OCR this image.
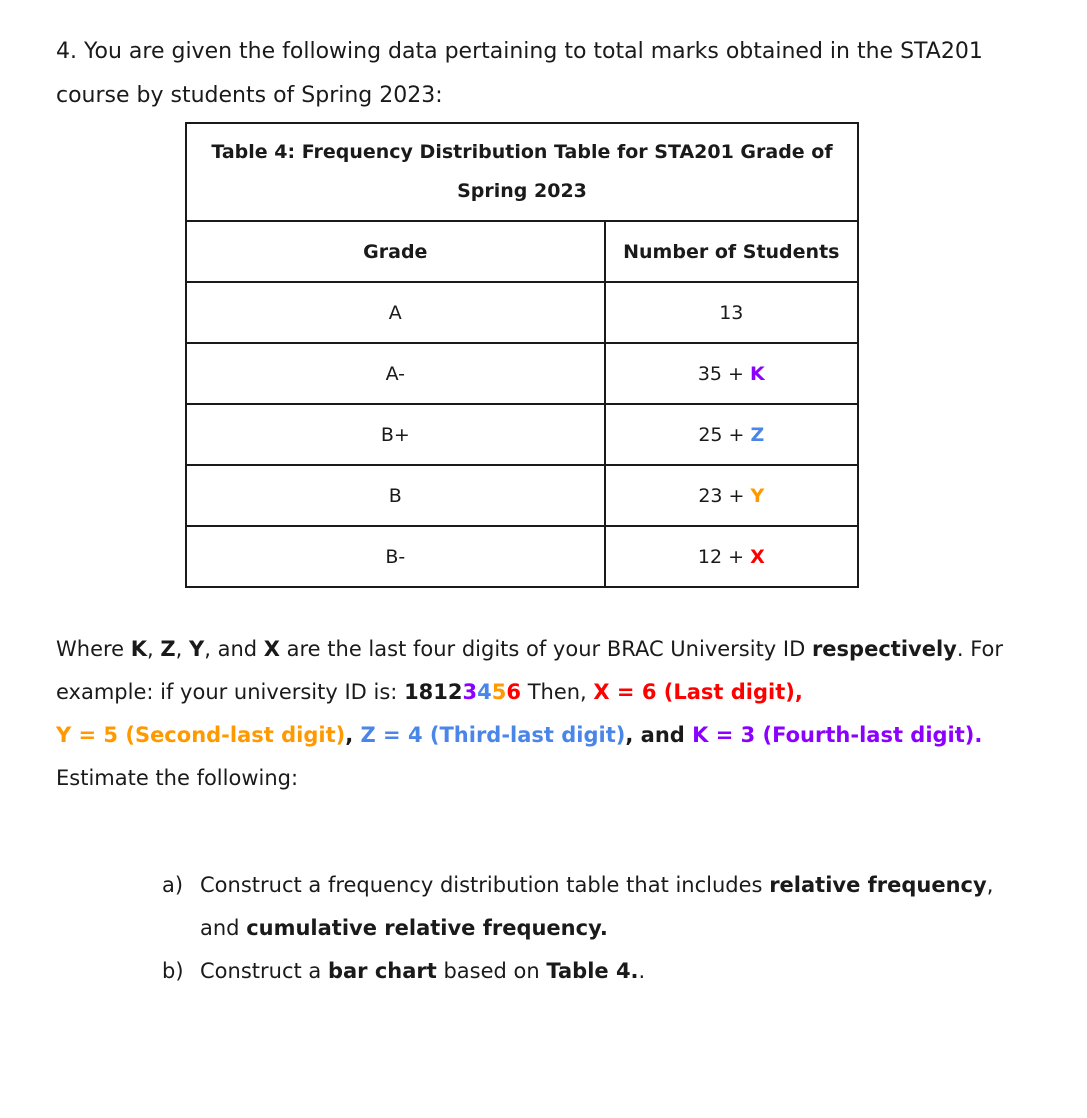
4. You are given the following data pertaining to total marks obtained in the STA201 course by students of Spring 2023:
Table 4: Frequency Distribution Table for STA201 Grade of Spring 2023	
Grade	Number of Students
A	13
A-	35 + K
B+	25 + Z
B	23 + Y
B-	12 + X
Where K, Z, Y, and X are the last four digits of your BRAC University ID respectively. For example: if your university ID is: 18123456 Then, X = 6 (Last digit),
Y = 5 (Second-last digit), Z = 4 (Third-last digit), and K = 3 (Fourth-last digit).
Estimate the following:
a) Construct a frequency distribution table that includes relative frequency, and cumulative relative frequency.
b) Construct a bar chart based on Table 4..
